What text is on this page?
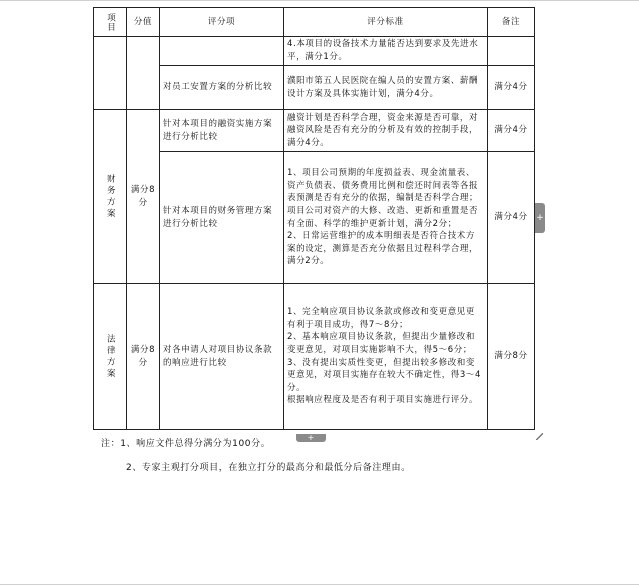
项目	分值	评分项	评分标准	备注
			4.本项目的设备技术力量能否达到要求及先进水平，满分1分。	
		对员工安置方案的分析比较	濮阳市第五人民医院在编人员的安置方案、薪酬设计方案及具体实施计划，满分4分。	满分4分

财务方案	满分8分	针对本项目的融资实施方案进行分析比较	融资计划是否科学合理，资金来源是否可靠，对融资风险是否有充分的分析及有效的控制手段，满分4分。	满分4分
		针对本项目的财务管理方案进行分析比较	1、项目公司预期的年度损益表、现金流量表、资产负债表、债务费用比例和偿还时间表等各报表预测是否有充分的依据，编制是否科学合理；项目公司对资产的大修、改造、更新和重置是否有全面、科学的维护更新计划，满分2分；
2、日常运营维护的成本明细表是否符合技术方案的设定，测算是否充分依据且过程科学合理，满分2分。	满分4分

法律方案	满分8分	对各申请人对项目协议条款的响应进行比较	1、完全响应项目协议条款或修改和变更意见更有利于项目成功，得7～8分；
2、基本响应项目协议条款，但提出少量修改和变更意见，对项目实施影响不大，得5～6分；
3、没有提出实质性变更，但提出较多修改和变更意见，对项目实施存在较大不确定性，得3～4分。
根据响应程度及是否有利于项目实施进行评分。	满分8分
+
+
注：1、响应文件总得分满分为100分。
2、专家主观打分项目，在独立打分的最高分和最低分后备注理由。
